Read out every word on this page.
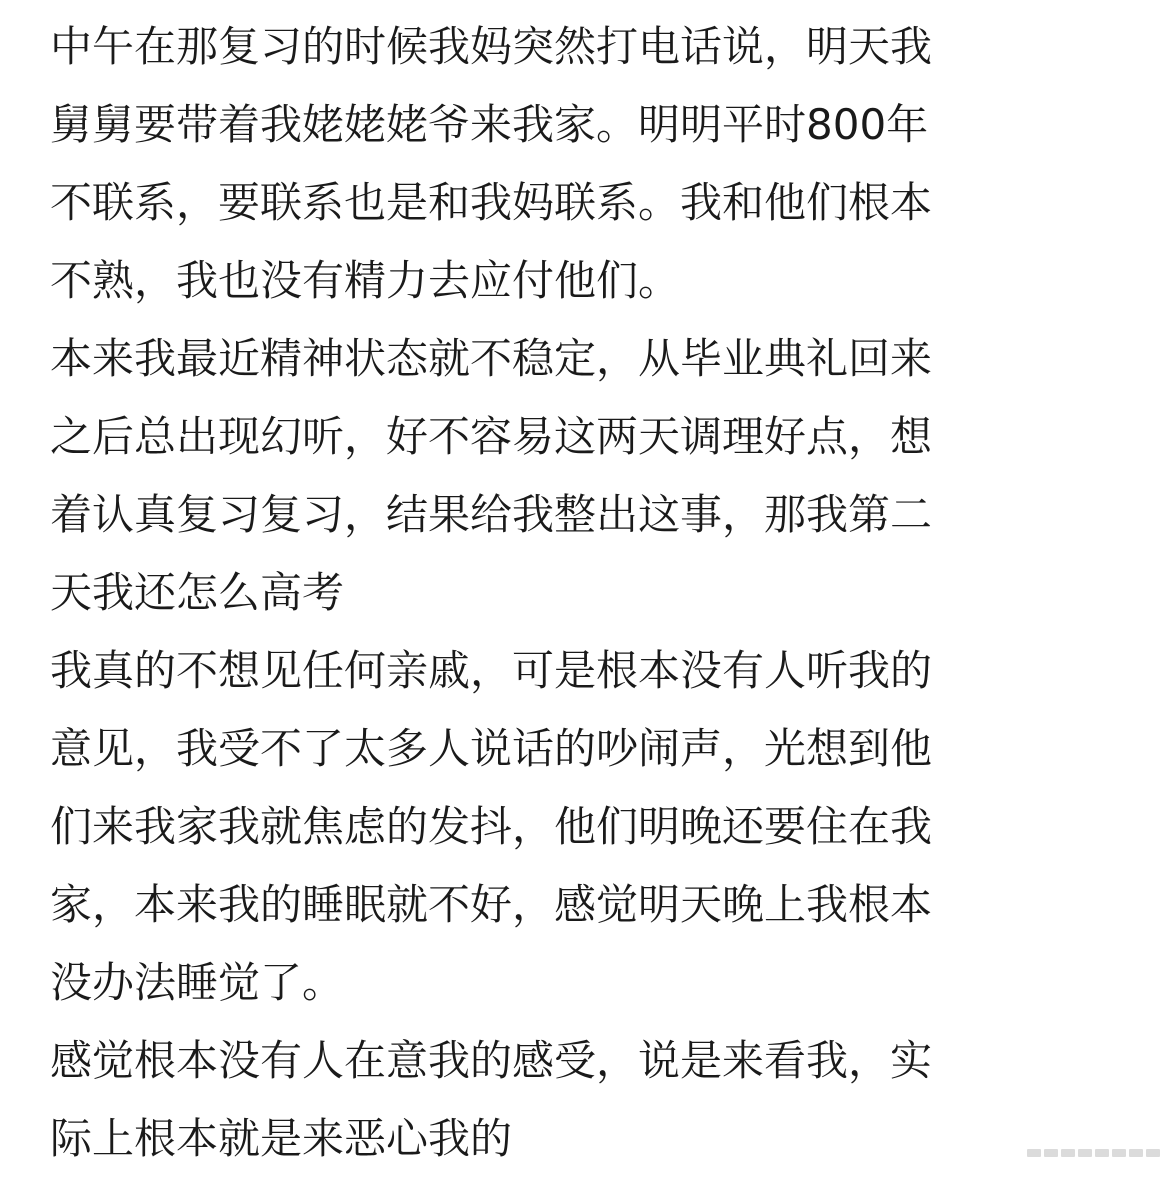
中午在那复习的时候我妈突然打电话说，明天我
舅舅要带着我姥姥姥爷来我家。明明平时800年
不联系，要联系也是和我妈联系。我和他们根本
不熟，我也没有精力去应付他们。
本来我最近精神状态就不稳定，从毕业典礼回来
之后总出现幻听，好不容易这两天调理好点，想
着认真复习复习，结果给我整出这事，那我第二
天我还怎么高考
我真的不想见任何亲戚，可是根本没有人听我的
意见，我受不了太多人说话的吵闹声，光想到他
们来我家我就焦虑的发抖，他们明晚还要住在我
家，本来我的睡眠就不好，感觉明天晚上我根本
没办法睡觉了。
感觉根本没有人在意我的感受，说是来看我，实
际上根本就是来恶心我的
